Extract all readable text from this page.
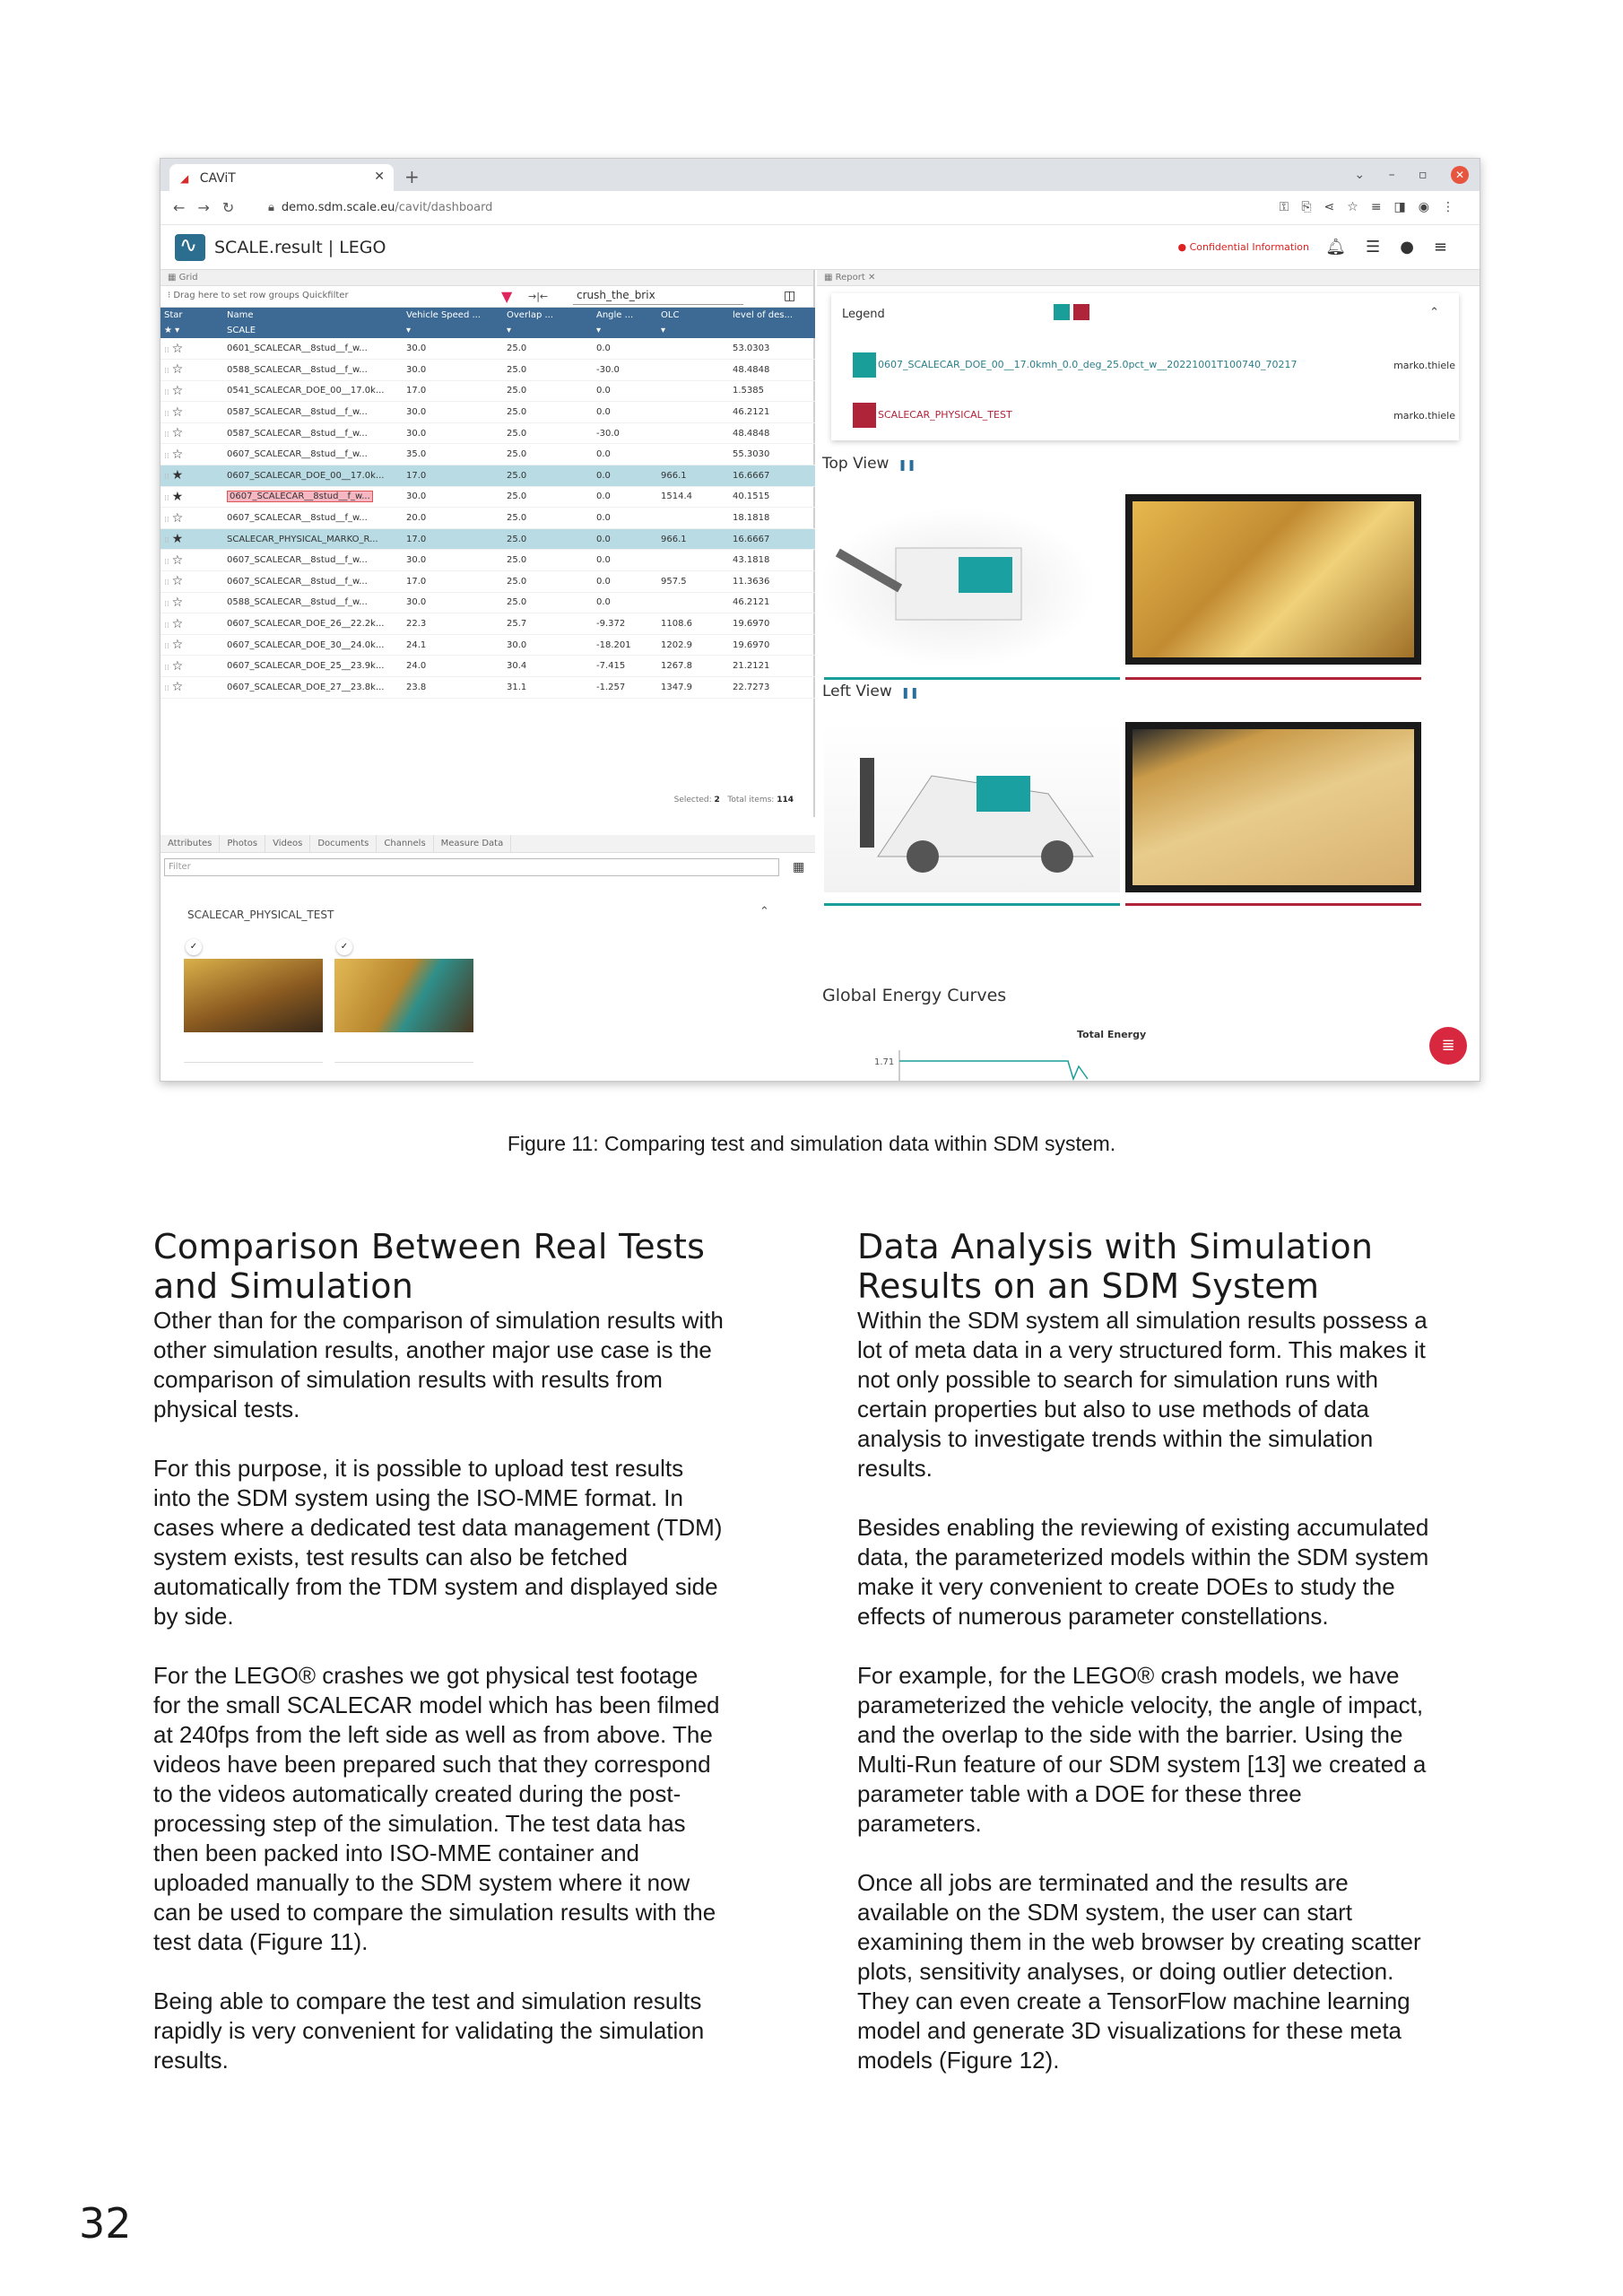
◢ CAViT	✕ +	⌄ – ▫	✕
←→↻ 🔒︎ demo.sdm.scale.eu/cavit/dashboard	⚿⎘⋖☆≡◨◉⋮
∿
SCALE.result | LEGO	● Confidential Information 🔔︎☰●≡
▦ Grid
⁝ Drag here to set row groups Quickfilter	▼ →|←	crush_the_brix	◫
Star	Name	Vehicle Speed ...	Overlap ...	Angle ...	OLC	level of des...
★ ▾	SCALE	▾	▾	▾	▾	
⁞⁞ ☆	0601_SCALECAR__8stud__f_w...	30.0	25.0	0.0		53.0303
⁞⁞ ☆	0588_SCALECAR__8stud__f_w...	30.0	25.0	-30.0		48.4848
⁞⁞ ☆	0541_SCALECAR_DOE_00__17.0k...	17.0	25.0	0.0		1.5385
⁞⁞ ☆	0587_SCALECAR__8stud__f_w...	30.0	25.0	0.0		46.2121
⁞⁞ ☆	0587_SCALECAR__8stud__f_w...	30.0	25.0	-30.0		48.4848
⁞⁞ ☆	0607_SCALECAR__8stud__f_w...	35.0	25.0	0.0		55.3030
⁞⁞ ★	0607_SCALECAR_DOE_00__17.0k...	17.0	25.0	0.0	966.1	16.6667
⁞⁞ ★	0607_SCALECAR__8stud__f_w...	30.0	25.0	0.0	1514.4	40.1515
⁞⁞ ☆	0607_SCALECAR__8stud__f_w...	20.0	25.0	0.0		18.1818
⁞⁞ ★	SCALECAR_PHYSICAL_MARKO_R...	17.0	25.0	0.0	966.1	16.6667
⁞⁞ ☆	0607_SCALECAR__8stud__f_w...	30.0	25.0	0.0		43.1818
⁞⁞ ☆	0607_SCALECAR__8stud__f_w...	17.0	25.0	0.0	957.5	11.3636
⁞⁞ ☆	0588_SCALECAR__8stud__f_w...	30.0	25.0	0.0		46.2121
⁞⁞ ☆	0607_SCALECAR_DOE_26__22.2k...	22.3	25.7	-9.372	1108.6	19.6970
⁞⁞ ☆	0607_SCALECAR_DOE_30__24.0k...	24.1	30.0	-18.201	1202.9	19.6970
⁞⁞ ☆	0607_SCALECAR_DOE_25__23.9k...	24.0	30.4	-7.415	1267.8	21.2121
⁞⁞ ☆	0607_SCALECAR_DOE_27__23.8k...	23.8	31.1	-1.257	1347.9	22.7273
Selected: 2 Total items: 114
Attributes Photos Videos Documents Channels Measure Data
Filter	▦
SCALECAR_PHYSICAL_TEST	⌃
✓	✓
▦ Report ✕
Legend	⌃
0607_SCALECAR_DOE_00__17.0kmh_0.0_deg_25.0pct_w__20221001T100740_70217	marko.thiele
SCALECAR_PHYSICAL_TEST	marko.thiele
Top View ❚❚
Left View ❚❚
Global Energy Curves
Total Energy
1.71
≣
Figure 11: Comparing test and simulation data within SDM system.
Comparison Between Real Tests and Simulation

Other than for the comparison of simulation results with other simulation results, another major use case is the comparison of simulation results with results from physical tests.

For this purpose, it is possible to upload test results into the SDM system using the ISO-MME format. In cases where a dedicated test data management (TDM) system exists, test results can also be fetched automatically from the TDM system and displayed side by side.

For the LEGO® crashes we got physical test footage for the small SCALECAR model which has been filmed at 240fps from the left side as well as from above. The videos have been prepared such that they correspond to the videos automatically created during the post-processing step of the simulation. The test data has then been packed into ISO-MME container and uploaded manually to the SDM system where it now can be used to compare the simulation results with the test data (Figure 11).

Being able to compare the test and simulation results rapidly is very convenient for validating the simulation results.

Data Analysis with Simulation Results on an SDM System

Within the SDM system all simulation results possess a lot of meta data in a very structured form. This makes it not only possible to search for simulation runs with certain properties but also to use methods of data analysis to investigate trends within the simulation results.

Besides enabling the reviewing of existing accumulated data, the parameterized models within the SDM system make it very convenient to create DOEs to study the effects of numerous parameter constellations.

For example, for the LEGO® crash models, we have parameterized the vehicle velocity, the angle of impact, and the overlap to the side with the barrier. Using the Multi-Run feature of our SDM system [13] we created a parameter table with a DOE for these three parameters.

Once all jobs are terminated and the results are available on the SDM system, the user can start examining them in the web browser by creating scatter plots, sensitivity analyses, or doing outlier detection. They can even create a TensorFlow machine learning model and generate 3D visualizations for these meta models (Figure 12).

32
